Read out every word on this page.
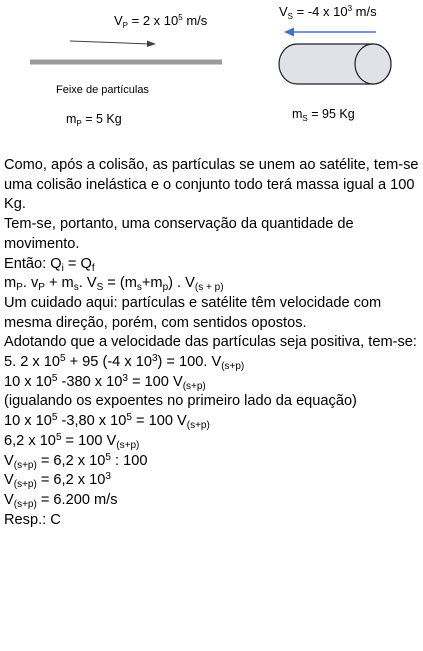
$V_P = 2$ x $10^5$ m/s
$V_S = -4$ x $10^3$ m/s
Feixe de partículas
$m_P = 5$ Kg	$m_S = 95$ Kg

Como, após a colisão, as partículas se unem ao satélite, tem-se uma colisão inelástica e o conjunto todo terá massa igual a 100 Kg.

Tem-se, portanto, uma conservação da quantidade de movimento.

Então: $Q_i = Q_f$

$m_P$. $v_P + m_s$. $V_S = (m_s+m_p)$ . $V_{(s + p)}$

Um cuidado aqui: partículas e satélite têm velocidade com mesma direção, porém, com sentidos opostos.

Adotando que a velocidade das partículas seja positiva, tem-se:

5. 2 x $10^5 + 95$ (-4 x $10^3) = 100$. $V_{(s+p)}$

10 x $10^5$ -380 x $10^3 = 100$ $V_{(s+p)}$

(igualando os expoentes no primeiro lado da equação)

10 x $10^5$ -3,80 x $10^5 = 100$ $V_{(s+p)}$

6,2 x $10^5 = 100$ $V_{(s+p)}$

$V_{(s+p)} = 6,2$ x $10^5$ : 100

$V_{(s+p)} = 6,2$ x $10^3$

$V_{(s+p)} = 6.200$ m/s

Resp.: C
